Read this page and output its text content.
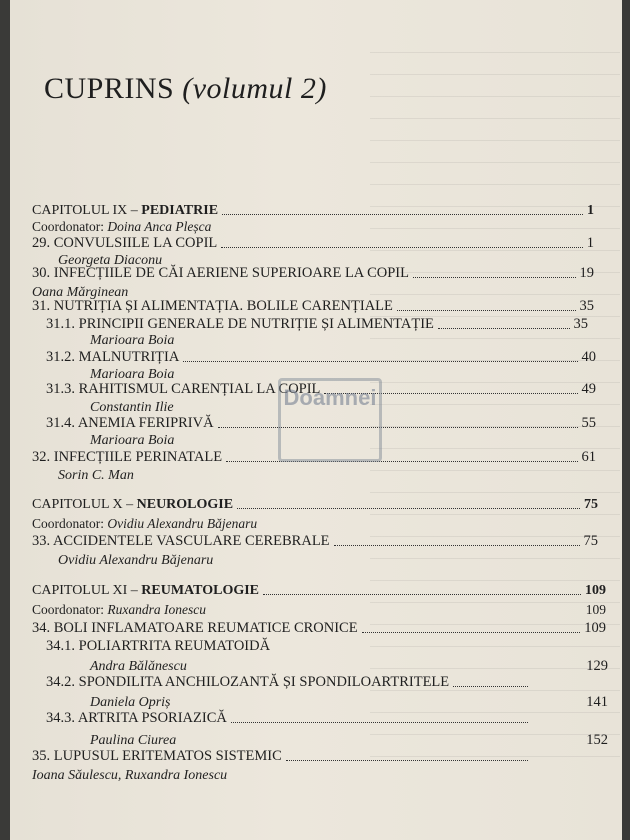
CUPRINS (volumul 2)
CAPITOLUL IX – PEDIATRIE	1
Coordonator: Doina Anca Pleșca
29. CONVULSIILE LA COPIL	1
Georgeta Diaconu
30. INFECȚIILE DE CĂI AERIENE SUPERIOARE LA COPIL	19
Oana Mărginean
31. NUTRIȚIA ȘI ALIMENTAȚIA. BOLILE CARENȚIALE	35
31.1. PRINCIPII GENERALE DE NUTRIȚIE ȘI ALIMENTAȚIE	35
Marioara Boia
31.2. MALNUTRIȚIA	40
Marioara Boia
31.3. RAHITISMUL CARENȚIAL LA COPIL	49
Constantin Ilie
31.4. ANEMIA FERIPRIVĂ	55
Marioara Boia
32. INFECȚIILE PERINATALE	61
Sorin C. Man
CAPITOLUL X – NEUROLOGIE	75
Coordonator: Ovidiu Alexandru Băjenaru
33. ACCIDENTELE VASCULARE CEREBRALE	75
Ovidiu Alexandru Băjenaru
CAPITOLUL XI – REUMATOLOGIE	109
Coordonator: Ruxandra Ionescu	109
34. BOLI INFLAMATOARE REUMATICE CRONICE	109
34.1. POLIARTRITA REUMATOIDĂ
Andra Bălănescu	129
34.2. SPONDILITA ANCHILOZANTĂ ȘI SPONDILOARTRITELE
Daniela Opriș	141
34.3. ARTRITA PSORIAZICĂ
Paulina Ciurea	152
35. LUPUSUL ERITEMATOS SISTEMIC
Ioana Săulescu, Ruxandra Ionescu
Doamnei
